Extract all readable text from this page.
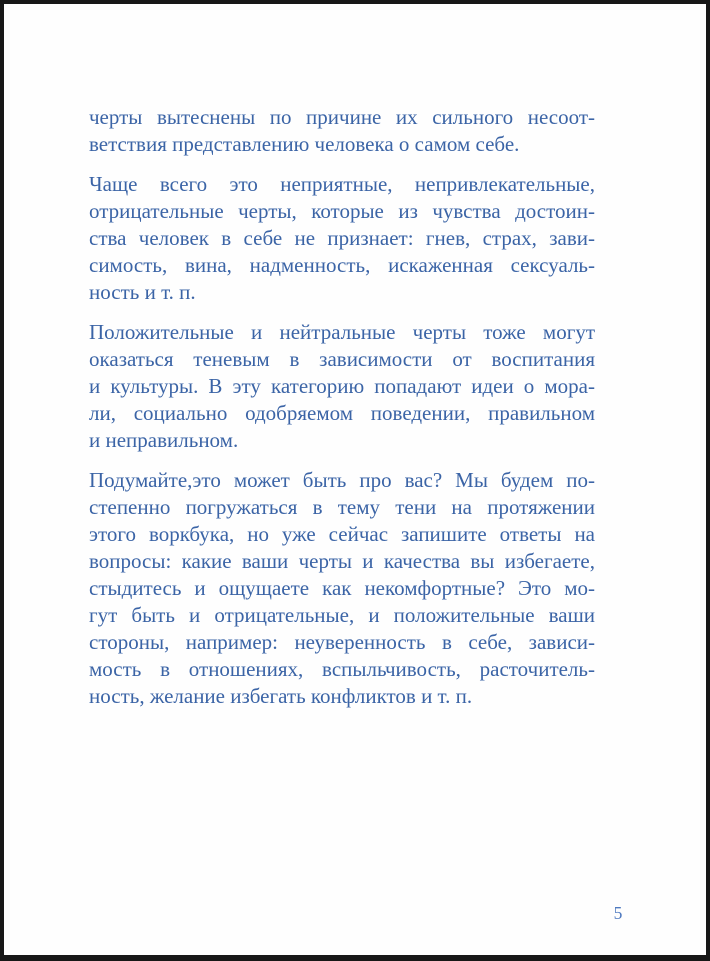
черты вытеснены по причине их сильного несоот-
ветствия представлению человека о самом себе.
Чаще всего это неприятные, непривлекательные,
отрицательные черты, которые из чувства достоин-
ства человек в себе не признает: гнев, страх, зави-
симость, вина, надменность, искаженная сексуаль-
ность и т. п.
Положительные и нейтральные черты тоже могут
оказаться теневым в зависимости от воспитания
и культуры. В эту категорию попадают идеи о мора-
ли, социально одобряемом поведении, правильном
и неправильном.
Подумайте,это может быть про вас? Мы будем по-
степенно погружаться в тему тени на протяжении
этого воркбука, но уже сейчас запишите ответы на
вопросы: какие ваши черты и качества вы избегаете,
стыдитесь и ощущаете как некомфортные? Это мо-
гут быть и отрицательные, и положительные ваши
стороны, например: неуверенность в себе, зависи-
мость в отношениях, вспыльчивость, расточитель-
ность, желание избегать конфликтов и т. п.
5
